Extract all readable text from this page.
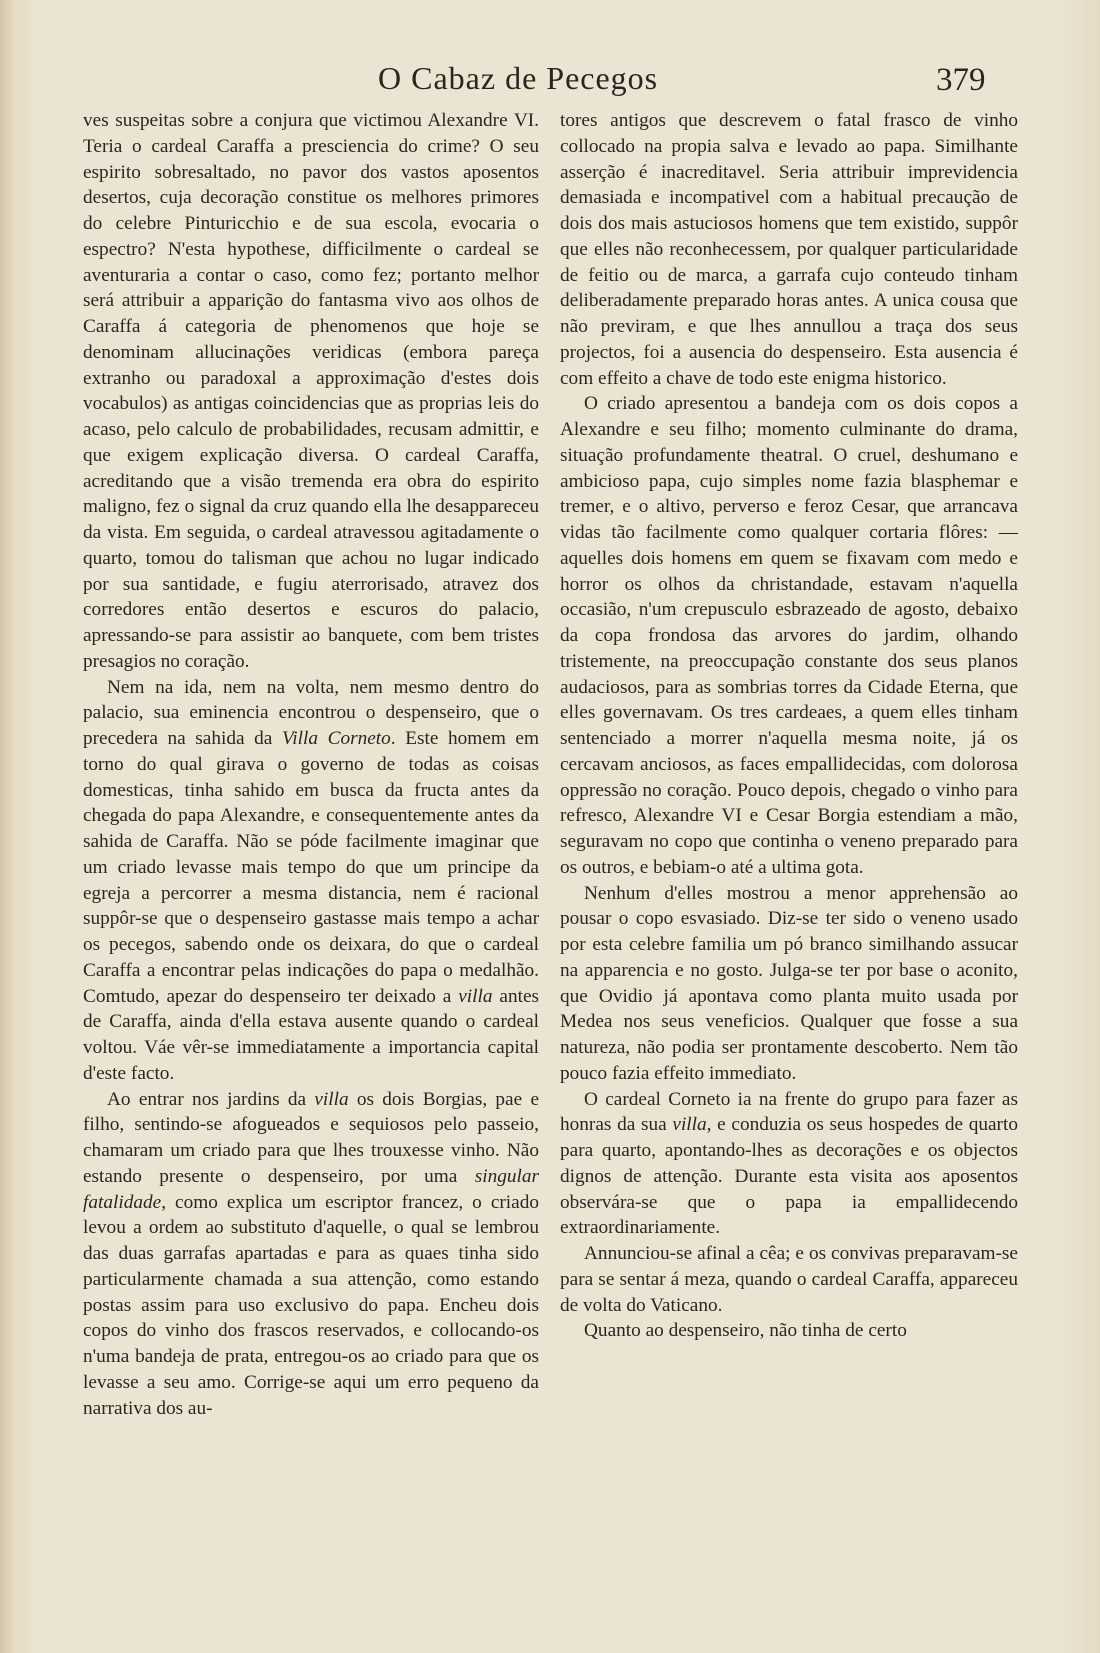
O Cabaz de Pecegos	379

ves suspeitas sobre a conjura que victimou Alexandre VI. Teria o cardeal Caraffa a presciencia do crime? O seu espirito sobresaltado, no pavor dos vastos aposentos desertos, cuja decoração constitue os melhores primores do celebre Pinturicchio e de sua escola, evocaria o espectro? N'esta hypothese, difficilmente o cardeal se aventuraria a contar o caso, como fez; portanto melhor será attribuir a apparição do fantasma vivo aos olhos de Caraffa á categoria de phenomenos que hoje se denominam allucinações veridicas (embora pareça extranho ou paradoxal a approximação d'estes dois vocabulos) as antigas coincidencias que as proprias leis do acaso, pelo calculo de probabilidades, recusam admittir, e que exigem explicação diversa. O cardeal Caraffa, acreditando que a visão tremenda era obra do espirito maligno, fez o signal da cruz quando ella lhe desappareceu da vista. Em seguida, o cardeal atravessou agitadamente o quarto, tomou do talisman que achou no lugar indicado por sua santidade, e fugiu aterrorisado, atravez dos corredores então desertos e escuros do palacio, apressando-se para assistir ao banquete, com bem tristes presagios no coração.

Nem na ida, nem na volta, nem mesmo dentro do palacio, sua eminencia encontrou o despenseiro, que o precedera na sahida da Villa Corneto. Este homem em torno do qual girava o governo de todas as coisas domesticas, tinha sahido em busca da fructa antes da chegada do papa Alexandre, e consequentemente antes da sahida de Caraffa. Não se póde facilmente imaginar que um criado levasse mais tempo do que um principe da egreja a percorrer a mesma distancia, nem é racional suppôr-se que o despenseiro gastasse mais tempo a achar os pecegos, sabendo onde os deixara, do que o cardeal Caraffa a encontrar pelas indicações do papa o medalhão. Comtudo, apezar do despenseiro ter deixado a villa antes de Caraffa, ainda d'ella estava ausente quando o cardeal voltou. Váe vêr-se immediatamente a importancia capital d'este facto.

Ao entrar nos jardins da villa os dois Borgias, pae e filho, sentindo-se afogueados e sequiosos pelo passeio, chamaram um criado para que lhes trouxesse vinho. Não estando presente o despenseiro, por uma singular fatalidade, como explica um escriptor francez, o criado levou a ordem ao substituto d'aquelle, o qual se lembrou das duas garrafas apartadas e para as quaes tinha sido particularmente chamada a sua attenção, como estando postas assim para uso exclusivo do papa. Encheu dois copos do vinho dos frascos reservados, e collocando-os n'uma bandeja de prata, entregou-os ao criado para que os levasse a seu amo. Corrige-se aqui um erro pequeno da narrativa dos au-

tores antigos que descrevem o fatal frasco de vinho collocado na propia salva e levado ao papa. Similhante asserção é inacreditavel. Seria attribuir imprevidencia demasiada e incompativel com a habitual precaução de dois dos mais astuciosos homens que tem existido, suppôr que elles não reconhecessem, por qualquer particularidade de feitio ou de marca, a garrafa cujo conteudo tinham deliberadamente preparado horas antes. A unica cousa que não previram, e que lhes annullou a traça dos seus projectos, foi a ausencia do despenseiro. Esta ausencia é com effeito a chave de todo este enigma historico.

O criado apresentou a bandeja com os dois copos a Alexandre e seu filho; momento culminante do drama, situação profundamente theatral. O cruel, deshumano e ambicioso papa, cujo simples nome fazia blasphemar e tremer, e o altivo, perverso e feroz Cesar, que arrancava vidas tão facilmente como qualquer cortaria flôres: — aquelles dois homens em quem se fixavam com medo e horror os olhos da christandade, estavam n'aquella occasião, n'um crepusculo esbrazeado de agosto, debaixo da copa frondosa das arvores do jardim, olhando tristemente, na preoccupação constante dos seus planos audaciosos, para as sombrias torres da Cidade Eterna, que elles governavam. Os tres cardeaes, a quem elles tinham sentenciado a morrer n'aquella mesma noite, já os cercavam anciosos, as faces empallidecidas, com dolorosa oppressão no coração. Pouco depois, chegado o vinho para refresco, Alexandre VI e Cesar Borgia estendiam a mão, seguravam no copo que continha o veneno preparado para os outros, e bebiam-o até a ultima gota.

Nenhum d'elles mostrou a menor apprehensão ao pousar o copo esvasiado. Diz-se ter sido o veneno usado por esta celebre familia um pó branco similhando assucar na apparencia e no gosto. Julga-se ter por base o aconito, que Ovidio já apontava como planta muito usada por Medea nos seus veneficios. Qualquer que fosse a sua natureza, não podia ser prontamente descoberto. Nem tão pouco fazia effeito immediato.

O cardeal Corneto ia na frente do grupo para fazer as honras da sua villa, e conduzia os seus hospedes de quarto para quarto, apontando-lhes as decorações e os objectos dignos de attenção. Durante esta visita aos aposentos observára-se que o papa ia empallidecendo extraordinariamente.

Annunciou-se afinal a cêa; e os convivas preparavam-se para se sentar á meza, quando o cardeal Caraffa, appareceu de volta do Vaticano.

Quanto ao despenseiro, não tinha de certo
